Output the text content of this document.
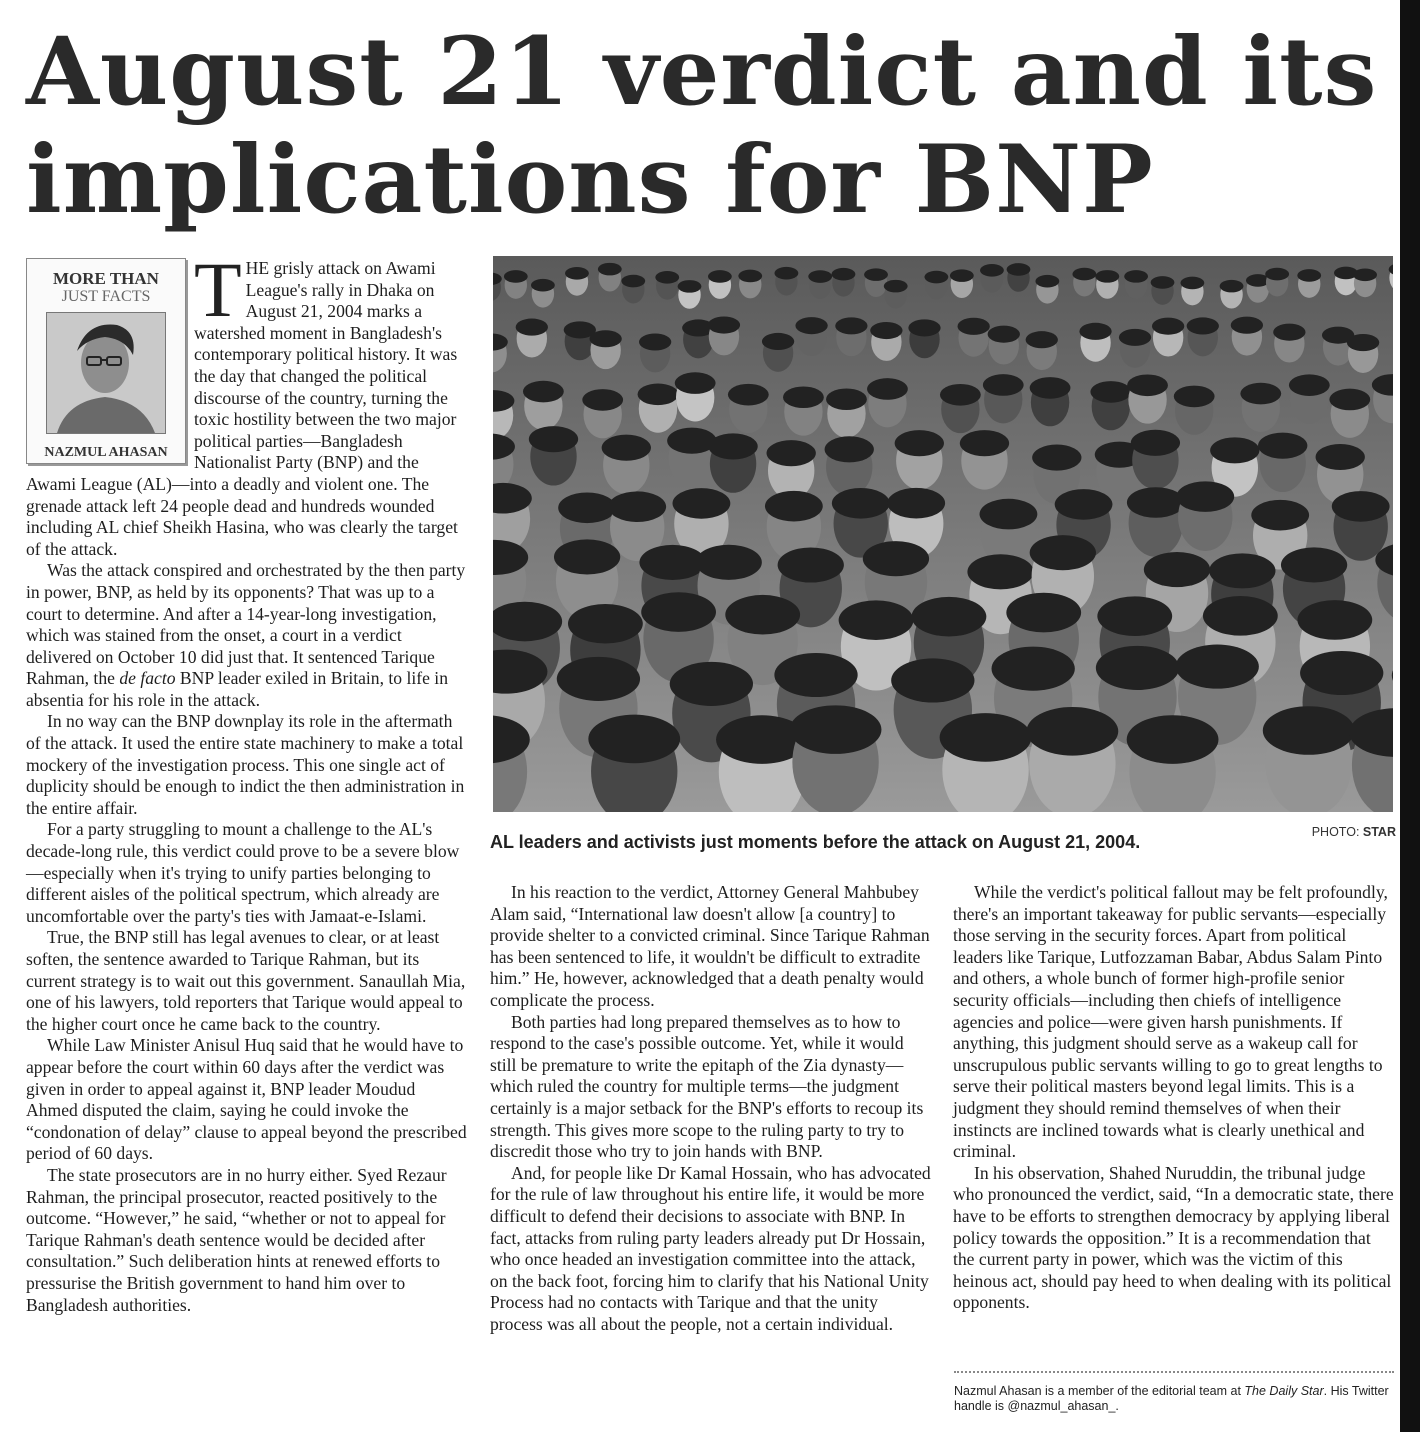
August 21 verdict and its implications for BNP
MORE THAN
JUST FACTS
NAZMUL AHASAN

THE grisly attack on Awami League's rally in Dhaka on August 21, 2004 marks a watershed moment in Bangladesh's contemporary political history. It was the day that changed the political discourse of the country, turning the toxic hostility between the two major political parties—Bangladesh Nationalist Party (BNP) and the Awami League (AL)—into a deadly and violent one. The grenade attack left 24 people dead and hundreds wounded including AL chief Sheikh Hasina, who was clearly the target of the attack.

Was the attack conspired and orchestrated by the then party in power, BNP, as held by its opponents? That was up to a court to determine. And after a 14-year-long investigation, which was stained from the onset, a court in a verdict delivered on October 10 did just that. It sentenced Tarique Rahman, the de facto BNP leader exiled in Britain, to life in absentia for his role in the attack.

In no way can the BNP downplay its role in the aftermath of the attack. It used the entire state machinery to make a total mockery of the investigation process. This one single act of duplicity should be enough to indict the then administration in the entire affair.

For a party struggling to mount a challenge to the AL's decade-long rule, this verdict could prove to be a severe blow—especially when it's trying to unify parties belonging to different aisles of the political spectrum, which already are uncomfortable over the party's ties with Jamaat-e-Islami.

True, the BNP still has legal avenues to clear, or at least soften, the sentence awarded to Tarique Rahman, but its current strategy is to wait out this government. Sanaullah Mia, one of his lawyers, told reporters that Tarique would appeal to the higher court once he came back to the country.

While Law Minister Anisul Huq said that he would have to appear before the court within 60 days after the verdict was given in order to appeal against it, BNP leader Moudud Ahmed disputed the claim, saying he could invoke the “condonation of delay” clause to appeal beyond the prescribed period of 60 days.

The state prosecutors are in no hurry either. Syed Rezaur Rahman, the principal prosecutor, reacted positively to the outcome. “However,” he said, “whether or not to appeal for Tarique Rahman's death sentence would be decided after consultation.” Such deliberation hints at renewed efforts to pressurise the British government to hand him over to Bangladesh authorities.

AL leaders and activists just moments before the attack on August 21, 2004.	PHOTO: STAR

In his reaction to the verdict, Attorney General Mahbubey Alam said, “International law doesn't allow [a country] to provide shelter to a convicted criminal. Since Tarique Rahman has been sentenced to life, it wouldn't be difficult to extradite him.” He, however, acknowledged that a death penalty would complicate the process.

Both parties had long prepared themselves as to how to respond to the case's possible outcome. Yet, while it would still be premature to write the epitaph of the Zia dynasty—which ruled the country for multiple terms—the judgment certainly is a major setback for the BNP's efforts to recoup its strength. This gives more scope to the ruling party to try to discredit those who try to join hands with BNP.

And, for people like Dr Kamal Hossain, who has advocated for the rule of law throughout his entire life, it would be more difficult to defend their decisions to associate with BNP. In fact, attacks from ruling party leaders already put Dr Hossain, who once headed an investigation committee into the attack, on the back foot, forcing him to clarify that his National Unity Process had no contacts with Tarique and that the unity process was all about the people, not a certain individual.

While the verdict's political fallout may be felt profoundly, there's an important takeaway for public servants—especially those serving in the security forces. Apart from political leaders like Tarique, Lutfozzaman Babar, Abdus Salam Pinto and others, a whole bunch of former high-profile senior security officials—including then chiefs of intelligence agencies and police—were given harsh punishments. If anything, this judgment should serve as a wakeup call for unscrupulous public servants willing to go to great lengths to serve their political masters beyond legal limits. This is a judgment they should remind themselves of when their instincts are inclined towards what is clearly unethical and criminal.

In his observation, Shahed Nuruddin, the tribunal judge who pronounced the verdict, said, “In a democratic state, there have to be efforts to strengthen democracy by applying liberal policy towards the opposition.” It is a recommendation that the current party in power, which was the victim of this heinous act, should pay heed to when dealing with its political opponents.

Nazmul Ahasan is a member of the editorial team at The Daily Star. His Twitter handle is @nazmul_ahasan_.
